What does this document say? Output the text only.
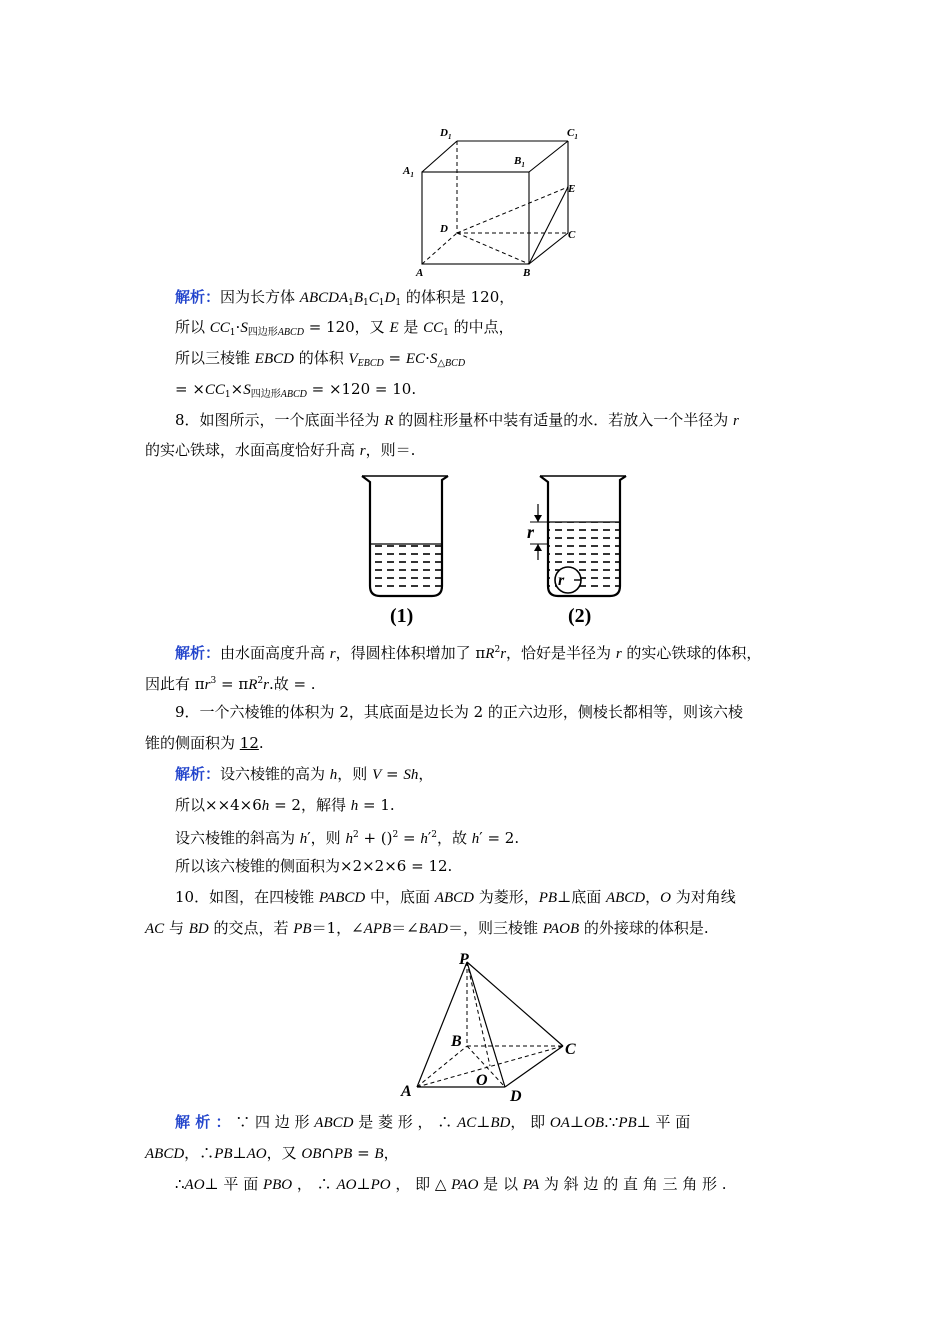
$D_1$	$C_1$
$A_1$
$B_1$
E
D	C
A	B
解析：因为长方体 $ABCDA_1B_1C_1D_1$ 的体积是 120，
所以 $CC_1\cdot S_{四边形ABCD} = 120$，又 E 是 $CC_1$ 的中点，
所以三棱锥 EBCD 的体积 $V_{EBCD} = EC\cdot S_{\triangle BCD}$
= $\times CC_1\times S_{四边形ABCD} = \times 120 = 10$.
8．如图所示，一个底面半径为 R 的圆柱形量杯中装有适量的水．若放入一个半径为 r
的实心铁球，水面高度恰好升高 r，则＝.
(1)
r
r
(2)
解析：由水面高度升高 r，得圆柱体积增加了 $\pi R^2r$，恰好是半径为 r 的实心铁球的体积，
因此有 $\pi r^3 = \pi R^2r$.故 = .
9．一个六棱锥的体积为 2，其底面是边长为 2 的正六边形，侧棱长都相等，则该六棱
锥的侧面积为 12.
解析：设六棱锥的高为 h，则 V = Sh，
所以××4×6h = 2，解得 h = 1.
设六棱锥的斜高为 h′，则 $h^2 + ()^2 = h'^2$，故 h′ = 2.
所以该六棱锥的侧面积为×2×2×6 = 12.
10．如图，在四棱锥 PABCD 中，底面 ABCD 为菱形，PB⊥底面 ABCD，O 为对角线
AC 与 BD 的交点，若 PB＝1，∠APB＝∠BAD＝，则三棱锥 PAOB 的外接球的体积是.
P
B	C
A
O
D
解 析 ： ∵ 四 边 形 ABCD 是 菱 形 ， ∴ AC⊥BD， 即 OA⊥OB.∵PB⊥ 平 面
ABCD，∴PB⊥AO，又 OB∩PB = B，
∴AO⊥ 平 面 PBO ， ∴ AO⊥PO ， 即 △ PAO 是 以 PA 为 斜 边 的 直 角 三 角 形 .
